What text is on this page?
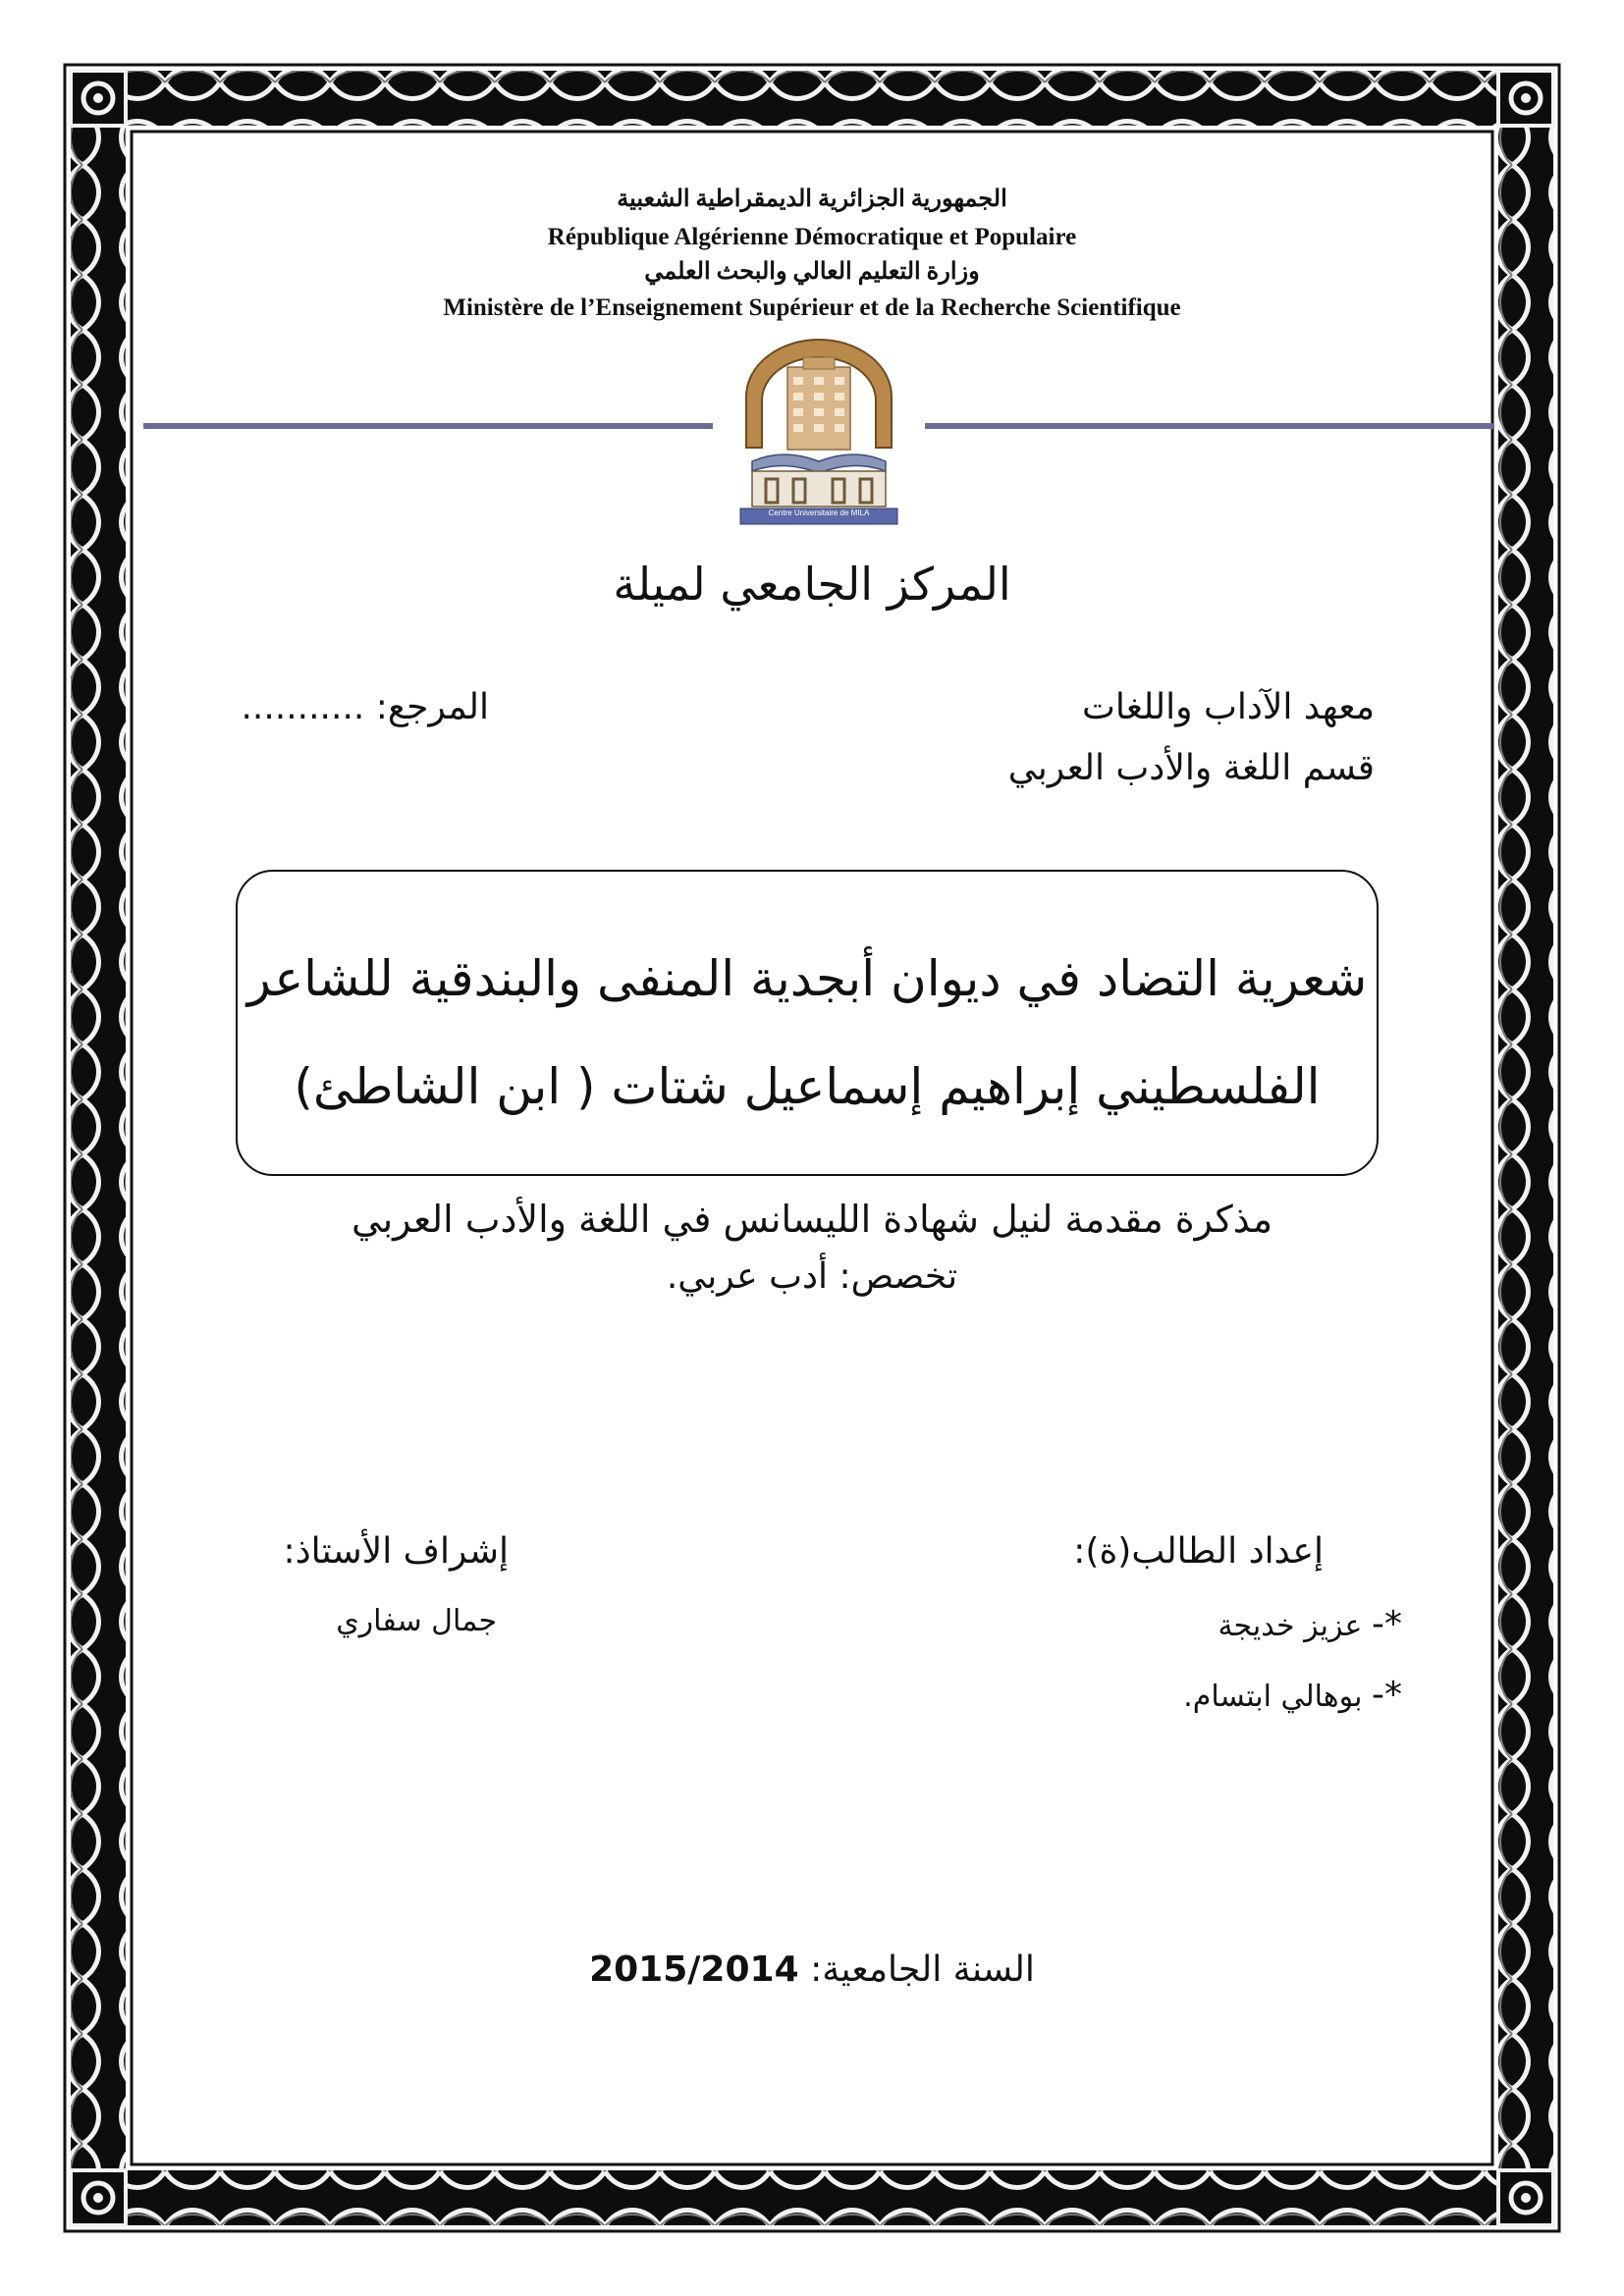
الجمهورية الجزائرية الديمقراطية الشعبية
République Algérienne Démocratique et Populaire
وزارة التعليم العالي والبحث العلمي
Ministère de l’Enseignement Supérieur et de la Recherche Scientifique
Centre Universitaire de MILA
المركز الجامعي لميلة
معهد الآداب واللغات
قسم اللغة والأدب العربي
المرجع: ...........
شعرية التضاد في ديوان أبجدية المنفى والبندقية للشاعر
الفلسطيني إبراهيم إسماعيل شتات ( ابن الشاطئ)
مذكرة مقدمة لنيل شهادة الليسانس في اللغة والأدب العربي
تخصص: أدب عربي.
إعداد الطالب(ة):
*- عزيز خديجة
*- بوهالي ابتسام.
إشراف الأستاذ:
جمال سفاري
السنة الجامعية: 2015/2014
